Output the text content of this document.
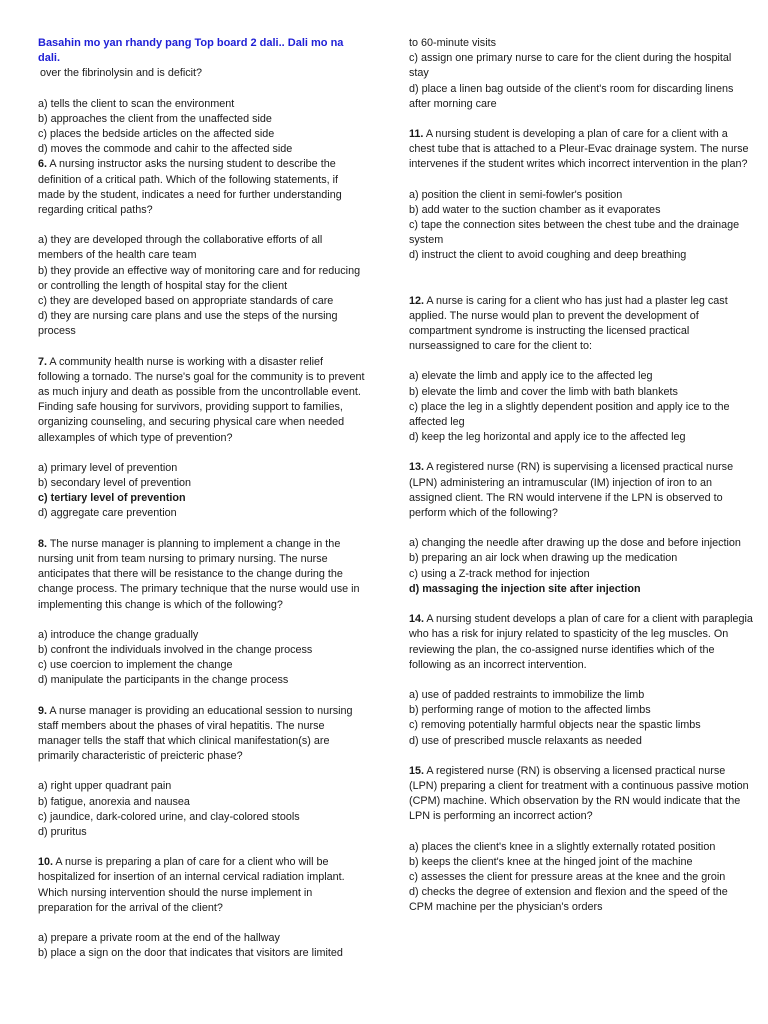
Basahin mo yan rhandy pang Top board 2 dali.. Dali mo na dali.

over the fibrinolysin and is deficit?

a) tells the client to scan the environment

b) approaches the client from the unaffected side

c) places the bedside articles on the affected side

d) moves the commode and cahir to the affected side

6. A nursing instructor asks the nursing student to describe the definition of a critical path. Which of the following statements, if made by the student, indicates a need for further understanding regarding critical paths?

a) they are developed through the collaborative efforts of all members of the health care team

b) they provide an effective way of monitoring care and for reducing or controlling the length of hospital stay for the client

c) they are developed based on appropriate standards of care

d) they are nursing care plans and use the steps of the nursing process

7. A community health nurse is working with a disaster relief following a tornado. The nurse's goal for the community is to prevent as much injury and death as possible from the uncontrollable event. Finding safe housing for survivors, providing support to families, organizing counseling, and securing physical care when needed allexamples of which type of prevention?

a) primary level of prevention

b) secondary level of prevention

c) tertiary level of prevention

d) aggregate care prevention

8. The nurse manager is planning to implement a change in the nursing unit from team nursing to primary nursing. The nurse anticipates that there will be resistance to the change during the change process. The primary technique that the nurse would use in implementing this change is which of the following?

a) introduce the change gradually

b) confront the individuals involved in the change process

c) use coercion to implement the change

d) manipulate the participants in the change process

9. A nurse manager is providing an educational session to nursing staff members about the phases of viral hepatitis. The nurse manager tells the staff that which clinical manifestation(s) are primarily characteristic of preicteric phase?

a) right upper quadrant pain

b) fatigue, anorexia and nausea

c) jaundice, dark-colored urine, and clay-colored stools

d) pruritus

10. A nurse is preparing a plan of care for a client who will be hospitalized for insertion of an internal cervical radiation implant. Which nursing intervention should the nurse implement in preparation for the arrival of the client?

a) prepare a private room at the end of the hallway

b) place a sign on the door that indicates that visitors are limited

to 60-minute visits

c) assign one primary nurse to care for the client during the hospital stay

d) place a linen bag outside of the client's room for discarding linens after morning care

11. A nursing student is developing a plan of care for a client with a chest tube that is attached to a Pleur-Evac drainage system. The nurse intervenes if the student writes which incorrect intervention in the plan?

a) position the client in semi-fowler's position

b) add water to the suction chamber as it evaporates

c) tape the connection sites between the chest tube and the drainage system

d) instruct the client to avoid coughing and deep breathing

12. A nurse is caring for a client who has just had a plaster leg cast applied. The nurse would plan to prevent the development of compartment syndrome is instructing the licensed practical nurseassigned to care for the client to:

a) elevate the limb and apply ice to the affected leg

b) elevate the limb and cover the limb with bath blankets

c) place the leg in a slightly dependent position and apply ice to the affected leg

d) keep the leg horizontal and apply ice to the affected leg

13. A registered nurse (RN) is supervising a licensed practical nurse (LPN) administering an intramuscular (IM) injection of iron to an assigned client. The RN would intervene if the LPN is observed to perform which of the following?

a) changing the needle after drawing up the dose and before injection

b) preparing an air lock when drawing up the medication

c) using a Z-track method for injection

d) massaging the injection site after injection

14. A nursing student develops a plan of care for a client with paraplegia who has a risk for injury related to spasticity of the leg muscles. On reviewing the plan, the co-assigned nurse identifies which of the following as an incorrect intervention.

a) use of padded restraints to immobilize the limb

b) performing range of motion to the affected limbs

c) removing potentially harmful objects near the spastic limbs

d) use of prescribed muscle relaxants as needed

15. A registered nurse (RN) is observing a licensed practical nurse (LPN) preparing a client for treatment with a continuous passive motion (CPM) machine. Which observation by the RN would indicate that the LPN is performing an incorrect action?

a) places the client's knee in a slightly externally rotated position

b) keeps the client's knee at the hinged joint of the machine

c) assesses the client for pressure areas at the knee and the groin

d) checks the degree of extension and flexion and the speed of the CPM machine per the physician's orders
